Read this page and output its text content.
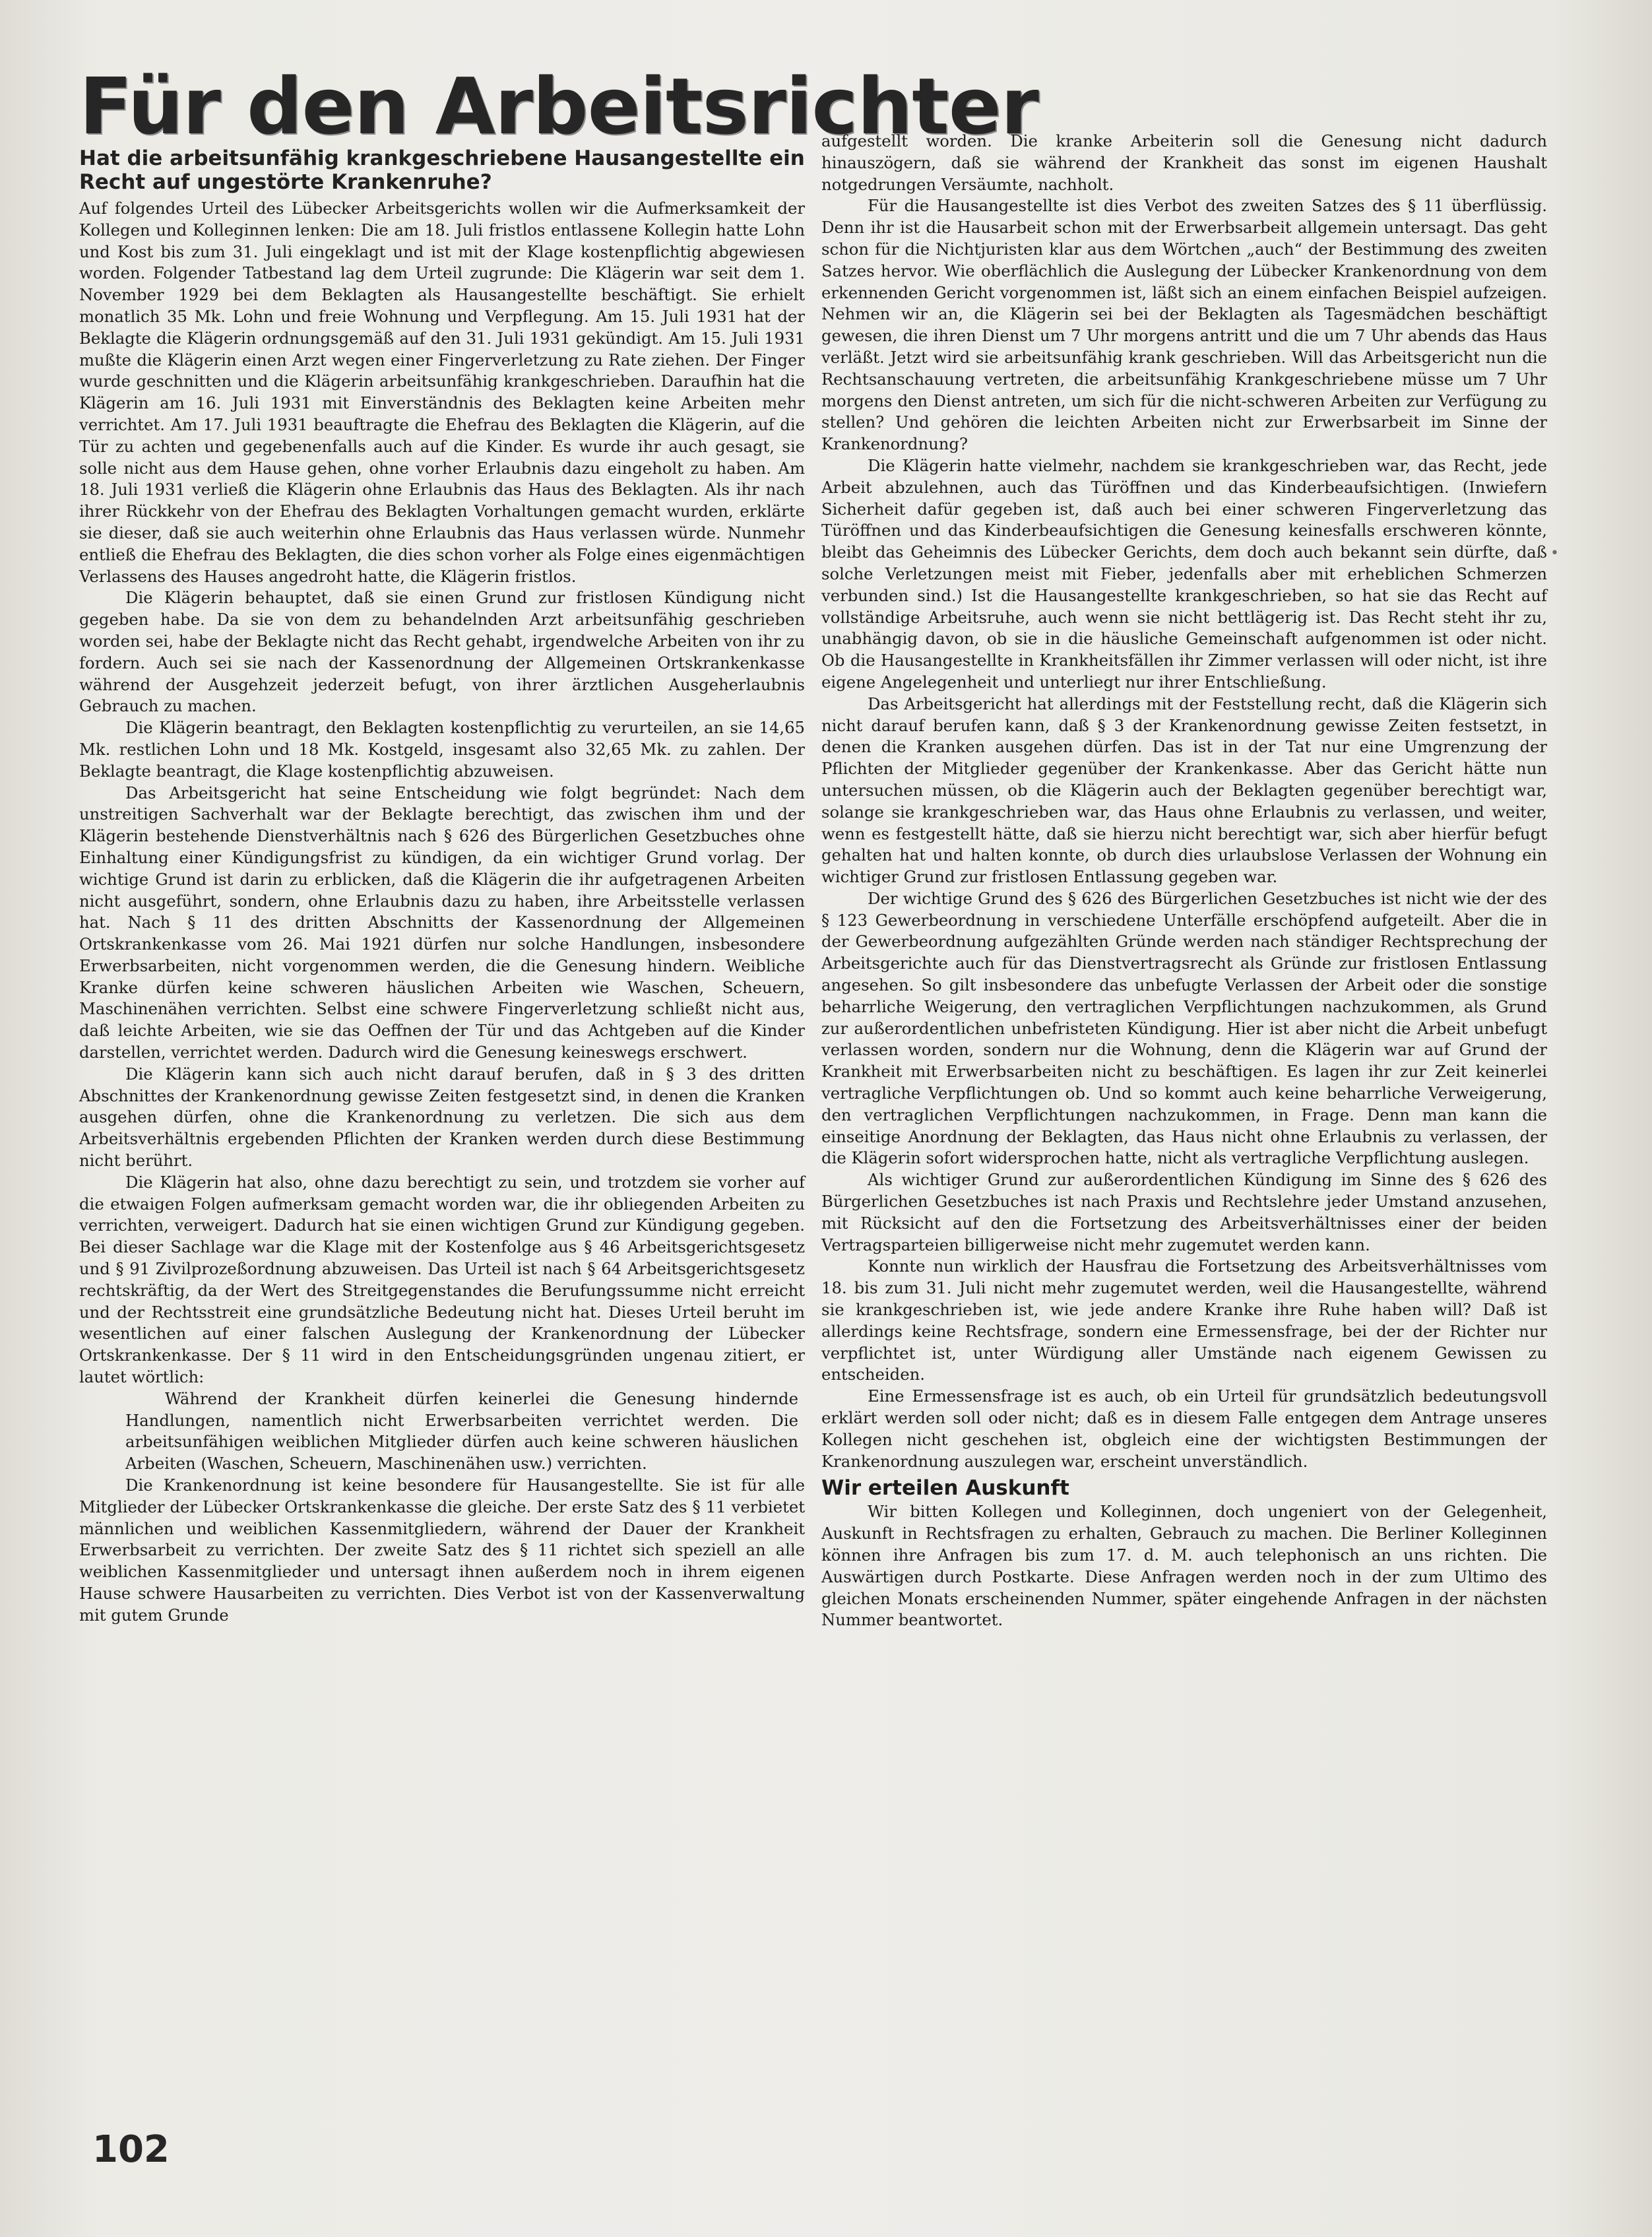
Für den Arbeitsrichter
Hat die arbeitsunfähig krankgeschriebene Hausangestellte ein Recht auf ungestörte Krankenruhe?

Auf folgendes Urteil des Lübecker Arbeitsgerichts wollen wir die Aufmerksamkeit der Kollegen und Kolleginnen lenken: Die am 18. Juli fristlos entlassene Kollegin hatte Lohn und Kost bis zum 31. Juli eingeklagt und ist mit der Klage kostenpflichtig abgewiesen worden. Folgender Tatbestand lag dem Urteil zugrunde: Die Klägerin war seit dem 1. November 1929 bei dem Beklagten als Hausangestellte beschäftigt. Sie erhielt monatlich 35 Mk. Lohn und freie Wohnung und Verpflegung. Am 15. Juli 1931 hat der Beklagte die Klägerin ordnungsgemäß auf den 31. Juli 1931 gekündigt. Am 15. Juli 1931 mußte die Klägerin einen Arzt wegen einer Fingerverletzung zu Rate ziehen. Der Finger wurde geschnitten und die Klägerin arbeitsunfähig krankgeschrieben. Daraufhin hat die Klägerin am 16. Juli 1931 mit Einverständnis des Beklagten keine Arbeiten mehr verrichtet. Am 17. Juli 1931 beauftragte die Ehefrau des Beklagten die Klägerin, auf die Tür zu achten und gegebenenfalls auch auf die Kinder. Es wurde ihr auch gesagt, sie solle nicht aus dem Hause gehen, ohne vorher Erlaubnis dazu eingeholt zu haben. Am 18. Juli 1931 verließ die Klägerin ohne Erlaubnis das Haus des Beklagten. Als ihr nach ihrer Rückkehr von der Ehefrau des Beklagten Vorhaltungen gemacht wurden, erklärte sie dieser, daß sie auch weiterhin ohne Erlaubnis das Haus verlassen würde. Nunmehr entließ die Ehefrau des Beklagten, die dies schon vorher als Folge eines eigenmächtigen Verlassens des Hauses angedroht hatte, die Klägerin fristlos.

Die Klägerin behauptet, daß sie einen Grund zur fristlosen Kündigung nicht gegeben habe. Da sie von dem zu behandelnden Arzt arbeitsunfähig geschrieben worden sei, habe der Beklagte nicht das Recht gehabt, irgendwelche Arbeiten von ihr zu fordern. Auch sei sie nach der Kassenordnung der Allgemeinen Ortskrankenkasse während der Ausgehzeit jederzeit befugt, von ihrer ärztlichen Ausgeherlaubnis Gebrauch zu machen.

Die Klägerin beantragt, den Beklagten kostenpflichtig zu verurteilen, an sie 14,65 Mk. restlichen Lohn und 18 Mk. Kostgeld, insgesamt also 32,65 Mk. zu zahlen. Der Beklagte beantragt, die Klage kostenpflichtig abzuweisen.

Das Arbeitsgericht hat seine Entscheidung wie folgt begründet: Nach dem unstreitigen Sachverhalt war der Beklagte berechtigt, das zwischen ihm und der Klägerin bestehende Dienstverhältnis nach § 626 des Bürgerlichen Gesetzbuches ohne Einhaltung einer Kündigungsfrist zu kündigen, da ein wichtiger Grund vorlag. Der wichtige Grund ist darin zu erblicken, daß die Klägerin die ihr aufgetragenen Arbeiten nicht ausgeführt, sondern, ohne Erlaubnis dazu zu haben, ihre Arbeitsstelle verlassen hat. Nach § 11 des dritten Abschnitts der Kassenordnung der Allgemeinen Ortskrankenkasse vom 26. Mai 1921 dürfen nur solche Handlungen, insbesondere Erwerbsarbeiten, nicht vorgenommen werden, die die Genesung hindern. Weibliche Kranke dürfen keine schweren häuslichen Arbeiten wie Waschen, Scheuern, Maschinenähen verrichten. Selbst eine schwere Fingerverletzung schließt nicht aus, daß leichte Arbeiten, wie sie das Oeffnen der Tür und das Achtgeben auf die Kinder darstellen, verrichtet werden. Dadurch wird die Genesung keineswegs erschwert.

Die Klägerin kann sich auch nicht darauf berufen, daß in § 3 des dritten Abschnittes der Krankenordnung gewisse Zeiten festgesetzt sind, in denen die Kranken ausgehen dürfen, ohne die Krankenordnung zu verletzen. Die sich aus dem Arbeitsverhältnis ergebenden Pflichten der Kranken werden durch diese Bestimmung nicht berührt.

Die Klägerin hat also, ohne dazu berechtigt zu sein, und trotzdem sie vorher auf die etwaigen Folgen aufmerksam gemacht worden war, die ihr obliegenden Arbeiten zu verrichten, verweigert. Dadurch hat sie einen wichtigen Grund zur Kündigung gegeben. Bei dieser Sachlage war die Klage mit der Kostenfolge aus § 46 Arbeitsgerichtsgesetz und § 91 Zivilprozeßordnung abzuweisen. Das Urteil ist nach § 64 Arbeitsgerichtsgesetz rechtskräftig, da der Wert des Streitgegenstandes die Berufungssumme nicht erreicht und der Rechtsstreit eine grundsätzliche Bedeutung nicht hat. Dieses Urteil beruht im wesentlichen auf einer falschen Auslegung der Krankenordnung der Lübecker Ortskrankenkasse. Der § 11 wird in den Entscheidungsgründen ungenau zitiert, er lautet wörtlich:

Während der Krankheit dürfen keinerlei die Genesung hindernde Handlungen, namentlich nicht Erwerbsarbeiten verrichtet werden. Die arbeitsunfähigen weiblichen Mitglieder dürfen auch keine schweren häuslichen Arbeiten (Waschen, Scheuern, Maschinenähen usw.) verrichten.

Die Krankenordnung ist keine besondere für Hausangestellte. Sie ist für alle Mitglieder der Lübecker Ortskrankenkasse die gleiche. Der erste Satz des § 11 verbietet männlichen und weiblichen Kassenmitgliedern, während der Dauer der Krankheit Erwerbsarbeit zu verrichten. Der zweite Satz des § 11 richtet sich speziell an alle weiblichen Kassenmitglieder und untersagt ihnen außerdem noch in ihrem eigenen Hause schwere Hausarbeiten zu verrichten. Dies Verbot ist von der Kassenverwaltung mit gutem Grunde

aufgestellt worden. Die kranke Arbeiterin soll die Genesung nicht dadurch hinauszögern, daß sie während der Krankheit das sonst im eigenen Haushalt notgedrungen Versäumte, nachholt.

Für die Hausangestellte ist dies Verbot des zweiten Satzes des § 11 überflüssig. Denn ihr ist die Hausarbeit schon mit der Erwerbsarbeit allgemein untersagt. Das geht schon für die Nichtjuristen klar aus dem Wörtchen „auch“ der Bestimmung des zweiten Satzes hervor. Wie oberflächlich die Auslegung der Lübecker Krankenordnung von dem erkennenden Gericht vorgenommen ist, läßt sich an einem einfachen Beispiel aufzeigen. Nehmen wir an, die Klägerin sei bei der Beklagten als Tagesmädchen beschäftigt gewesen, die ihren Dienst um 7 Uhr morgens antritt und die um 7 Uhr abends das Haus verläßt. Jetzt wird sie arbeitsunfähig krank geschrieben. Will das Arbeitsgericht nun die Rechtsanschauung vertreten, die arbeitsunfähig Krankgeschriebene müsse um 7 Uhr morgens den Dienst antreten, um sich für die nicht-schweren Arbeiten zur Verfügung zu stellen? Und gehören die leichten Arbeiten nicht zur Erwerbsarbeit im Sinne der Krankenordnung?

Die Klägerin hatte vielmehr, nachdem sie krankgeschrieben war, das Recht, jede Arbeit abzulehnen, auch das Türöffnen und das Kinderbeaufsichtigen. (Inwiefern Sicherheit dafür gegeben ist, daß auch bei einer schweren Fingerverletzung das Türöffnen und das Kinderbeaufsichtigen die Genesung keinesfalls erschweren könnte, bleibt das Geheimnis des Lübecker Gerichts, dem doch auch bekannt sein dürfte, daß solche Verletzungen meist mit Fieber, jedenfalls aber mit erheblichen Schmerzen verbunden sind.) Ist die Hausangestellte krankgeschrieben, so hat sie das Recht auf vollständige Arbeitsruhe, auch wenn sie nicht bettlägerig ist. Das Recht steht ihr zu, unabhängig davon, ob sie in die häusliche Gemeinschaft aufgenommen ist oder nicht. Ob die Hausangestellte in Krankheitsfällen ihr Zimmer verlassen will oder nicht, ist ihre eigene Angelegenheit und unterliegt nur ihrer Entschließung.

Das Arbeitsgericht hat allerdings mit der Feststellung recht, daß die Klägerin sich nicht darauf berufen kann, daß § 3 der Krankenordnung gewisse Zeiten festsetzt, in denen die Kranken ausgehen dürfen. Das ist in der Tat nur eine Umgrenzung der Pflichten der Mitglieder gegenüber der Krankenkasse. Aber das Gericht hätte nun untersuchen müssen, ob die Klägerin auch der Beklagten gegenüber berechtigt war, solange sie krankgeschrieben war, das Haus ohne Erlaubnis zu verlassen, und weiter, wenn es festgestellt hätte, daß sie hierzu nicht berechtigt war, sich aber hierfür befugt gehalten hat und halten konnte, ob durch dies urlaubslose Verlassen der Wohnung ein wichtiger Grund zur fristlosen Entlassung gegeben war.

Der wichtige Grund des § 626 des Bürgerlichen Gesetzbuches ist nicht wie der des § 123 Gewerbeordnung in verschiedene Unterfälle erschöpfend aufgeteilt. Aber die in der Gewerbeordnung aufgezählten Gründe werden nach ständiger Rechtsprechung der Arbeitsgerichte auch für das Dienstvertragsrecht als Gründe zur fristlosen Entlassung angesehen. So gilt insbesondere das unbefugte Verlassen der Arbeit oder die sonstige beharrliche Weigerung, den vertraglichen Verpflichtungen nachzukommen, als Grund zur außerordentlichen unbefristeten Kündigung. Hier ist aber nicht die Arbeit unbefugt verlassen worden, sondern nur die Wohnung, denn die Klägerin war auf Grund der Krankheit mit Erwerbsarbeiten nicht zu beschäftigen. Es lagen ihr zur Zeit keinerlei vertragliche Verpflichtungen ob. Und so kommt auch keine beharrliche Verweigerung, den vertraglichen Verpflichtungen nachzukommen, in Frage. Denn man kann die einseitige Anordnung der Beklagten, das Haus nicht ohne Erlaubnis zu verlassen, der die Klägerin sofort widersprochen hatte, nicht als vertragliche Verpflichtung auslegen.

Als wichtiger Grund zur außerordentlichen Kündigung im Sinne des § 626 des Bürgerlichen Gesetzbuches ist nach Praxis und Rechtslehre jeder Umstand anzusehen, mit Rücksicht auf den die Fortsetzung des Arbeitsverhältnisses einer der beiden Vertragsparteien billigerweise nicht mehr zugemutet werden kann.

Konnte nun wirklich der Hausfrau die Fortsetzung des Arbeitsverhältnisses vom 18. bis zum 31. Juli nicht mehr zugemutet werden, weil die Hausangestellte, während sie krankgeschrieben ist, wie jede andere Kranke ihre Ruhe haben will? Daß ist allerdings keine Rechtsfrage, sondern eine Ermessensfrage, bei der der Richter nur verpflichtet ist, unter Würdigung aller Umstände nach eigenem Gewissen zu entscheiden.

Eine Ermessensfrage ist es auch, ob ein Urteil für grundsätzlich bedeutungsvoll erklärt werden soll oder nicht; daß es in diesem Falle entgegen dem Antrage unseres Kollegen nicht geschehen ist, obgleich eine der wichtigsten Bestimmungen der Krankenordnung auszulegen war, erscheint unverständlich.

Wir erteilen Auskunft

Wir bitten Kollegen und Kolleginnen, doch ungeniert von der Gelegenheit, Auskunft in Rechtsfragen zu erhalten, Gebrauch zu machen. Die Berliner Kolleginnen können ihre Anfragen bis zum 17. d. M. auch telephonisch an uns richten. Die Auswärtigen durch Postkarte. Diese Anfragen werden noch in der zum Ultimo des gleichen Monats erscheinenden Nummer, später eingehende Anfragen in der nächsten Nummer beantwortet.

•
102
